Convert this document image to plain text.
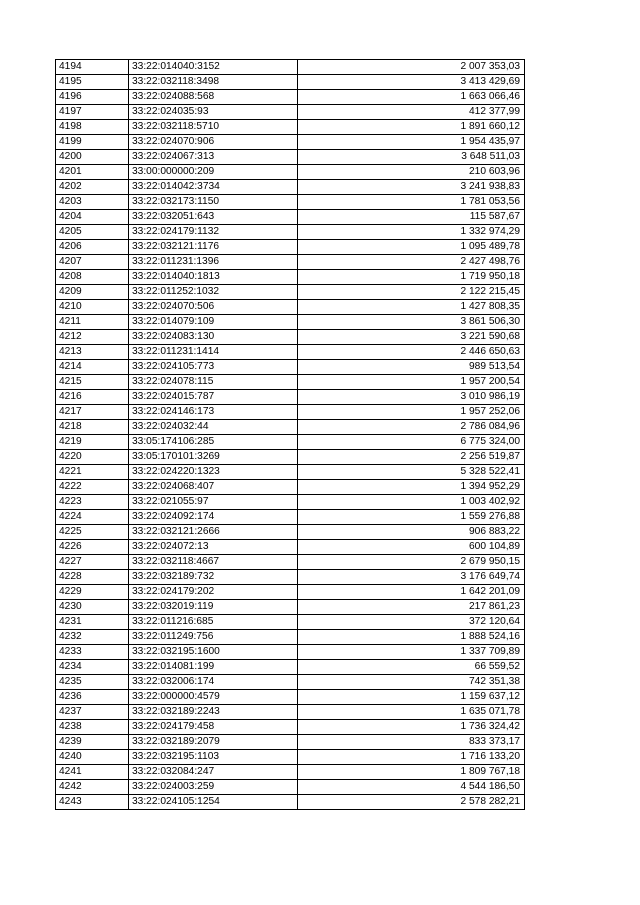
4194	33:22:014040:3152	2 007 353,03
4195	33:22:032118:3498	3 413 429,69
4196	33:22:024088:568	1 663 066,46
4197	33:22:024035:93	412 377,99
4198	33:22:032118:5710	1 891 660,12
4199	33:22:024070:906	1 954 435,97
4200	33:22:024067:313	3 648 511,03
4201	33:00:000000:209	210 603,96
4202	33:22:014042:3734	3 241 938,83
4203	33:22:032173:1150	1 781 053,56
4204	33:22:032051:643	115 587,67
4205	33:22:024179:1132	1 332 974,29
4206	33:22:032121:1176	1 095 489,78
4207	33:22:011231:1396	2 427 498,76
4208	33:22:014040:1813	1 719 950,18
4209	33:22:011252:1032	2 122 215,45
4210	33:22:024070:506	1 427 808,35
4211	33:22:014079:109	3 861 506,30
4212	33:22:024083:130	3 221 590,68
4213	33:22:011231:1414	2 446 650,63
4214	33:22:024105:773	989 513,54
4215	33:22:024078:115	1 957 200,54
4216	33:22:024015:787	3 010 986,19
4217	33:22:024146:173	1 957 252,06
4218	33:22:024032:44	2 786 084,96
4219	33:05:174106:285	6 775 324,00
4220	33:05:170101:3269	2 256 519,87
4221	33:22:024220:1323	5 328 522,41
4222	33:22:024068:407	1 394 952,29
4223	33:22:021055:97	1 003 402,92
4224	33:22:024092:174	1 559 276,88
4225	33:22:032121:2666	906 883,22
4226	33:22:024072:13	600 104,89
4227	33:22:032118:4667	2 679 950,15
4228	33:22:032189:732	3 176 649,74
4229	33:22:024179:202	1 642 201,09
4230	33:22:032019:119	217 861,23
4231	33:22:011216:685	372 120,64
4232	33:22:011249:756	1 888 524,16
4233	33:22:032195:1600	1 337 709,89
4234	33:22:014081:199	66 559,52
4235	33:22:032006:174	742 351,38
4236	33:22:000000:4579	1 159 637,12
4237	33:22:032189:2243	1 635 071,78
4238	33:22:024179:458	1 736 324,42
4239	33:22:032189:2079	833 373,17
4240	33:22:032195:1103	1 716 133,20
4241	33:22:032084:247	1 809 767,18
4242	33:22:024003:259	4 544 186,50
4243	33:22:024105:1254	2 578 282,21
